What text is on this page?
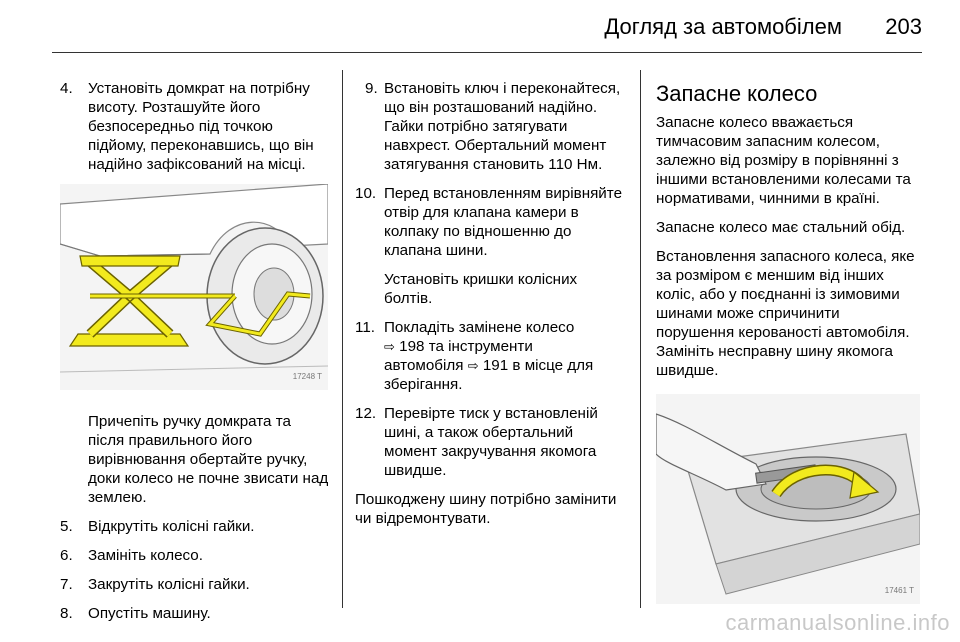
Догляд за автомобілем 203
4. Установіть домкрат на потрібну висоту. Розташуйте його безпосередньо під точкою підйому, переконавшись, що він надійно зафіксований на місці.
17248 T
Причепіть ручку домкрата та після правильного його вирівнювання обертайте ручку, доки колесо не почне звисати над землею.
5. Відкрутіть колісні гайки.
6. Замініть колесо.
7. Закрутіть колісні гайки.
8. Опустіть машину.
9. Встановіть ключ і переконайтеся, що він розташований надійно. Гайки потрібно затягувати навхрест. Обертальний момент затягування становить 110 Нм.
10. Перед встановленням вирівняйте отвір для клапана камери в колпаку по відношенню до клапана шини.
Установіть кришки колісних болтів.
11. Покладіть замінене колесо
⇨ 198 та інструменти
автомобіля ⇨ 191 в місце для зберігання.
12. Перевірте тиск у встановленій шині, а також обертальний момент закручування якомога швидше.
Пошкоджену шину потрібно замінити чи відремонтувати.
Запасне колесо
Запасне колесо вважається тимчасовим запасним колесом, залежно від розміру в порівнянні з іншими встановленими колесами та нормативами, чинними в країні.
Запасне колесо має стальний обід.
Встановлення запасного колеса, яке за розміром є меншим від інших коліс, або у поєднанні із зимовими шинами може спричинити порушення керованості автомобіля. Замініть несправну шину якомога швидше.
17461 T
carmanualsonline.info
